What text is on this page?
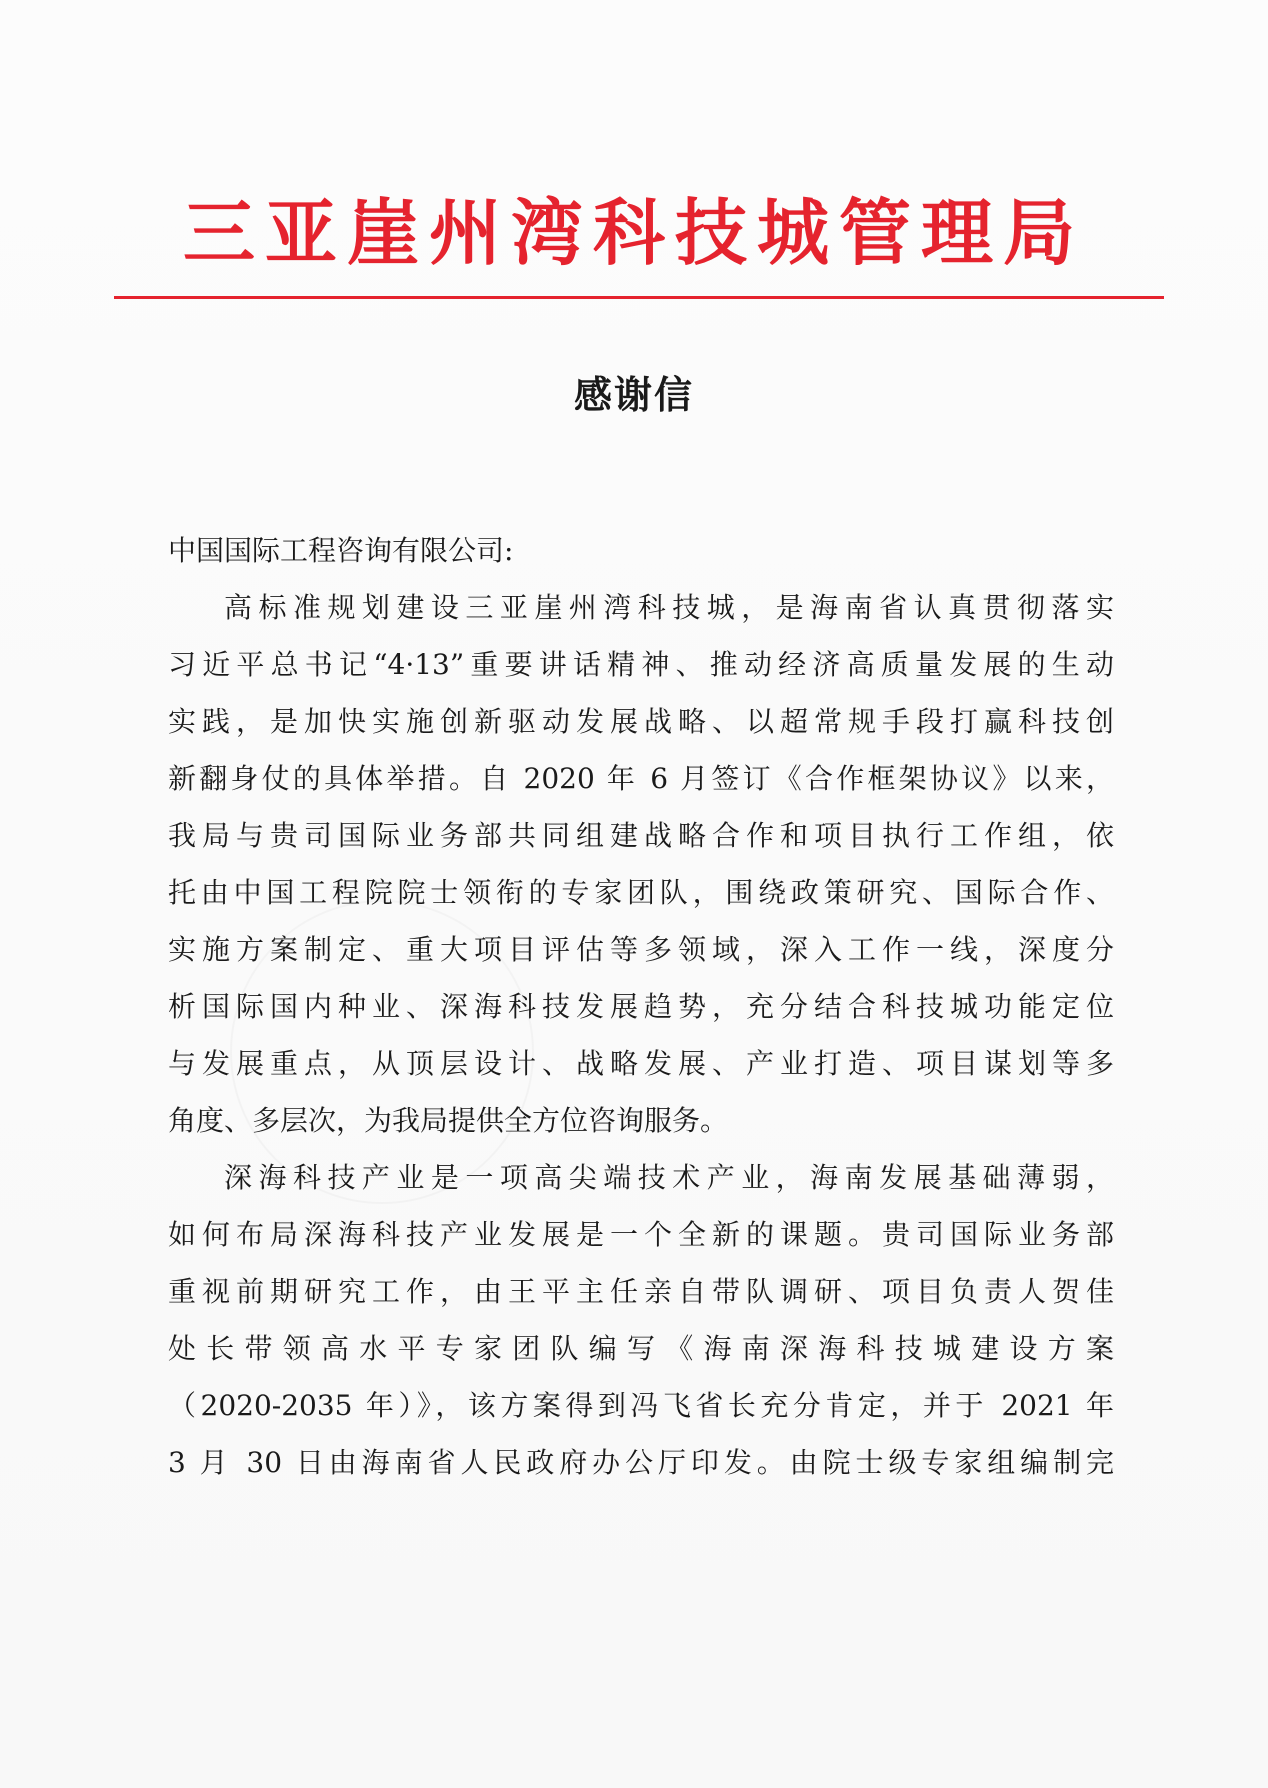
三亚崖州湾科技城管理局
感谢信
中国国际工程咨询有限公司:
高标准规划建设三亚崖州湾科技城，是海南省认真贯彻落实
习近平总书记“4·13”重要讲话精神、推动经济高质量发展的生动
实践，是加快实施创新驱动发展战略、以超常规手段打赢科技创
新翻身仗的具体举措。自 2020 年 6 月签订《合作框架协议》以来，
我局与贵司国际业务部共同组建战略合作和项目执行工作组，依
托由中国工程院院士领衔的专家团队，围绕政策研究、国际合作、
实施方案制定、重大项目评估等多领域，深入工作一线，深度分
析国际国内种业、深海科技发展趋势，充分结合科技城功能定位
与发展重点，从顶层设计、战略发展、产业打造、项目谋划等多
角度、多层次，为我局提供全方位咨询服务。
深海科技产业是一项高尖端技术产业，海南发展基础薄弱，
如何布局深海科技产业发展是一个全新的课题。贵司国际业务部
重视前期研究工作，由王平主任亲自带队调研、项目负责人贺佳
处长带领高水平专家团队编写《海南深海科技城建设方案
（2020-2035 年）》，该方案得到冯飞省长充分肯定，并于 2021 年
3 月 30 日由海南省人民政府办公厅印发。由院士级专家组编制完
